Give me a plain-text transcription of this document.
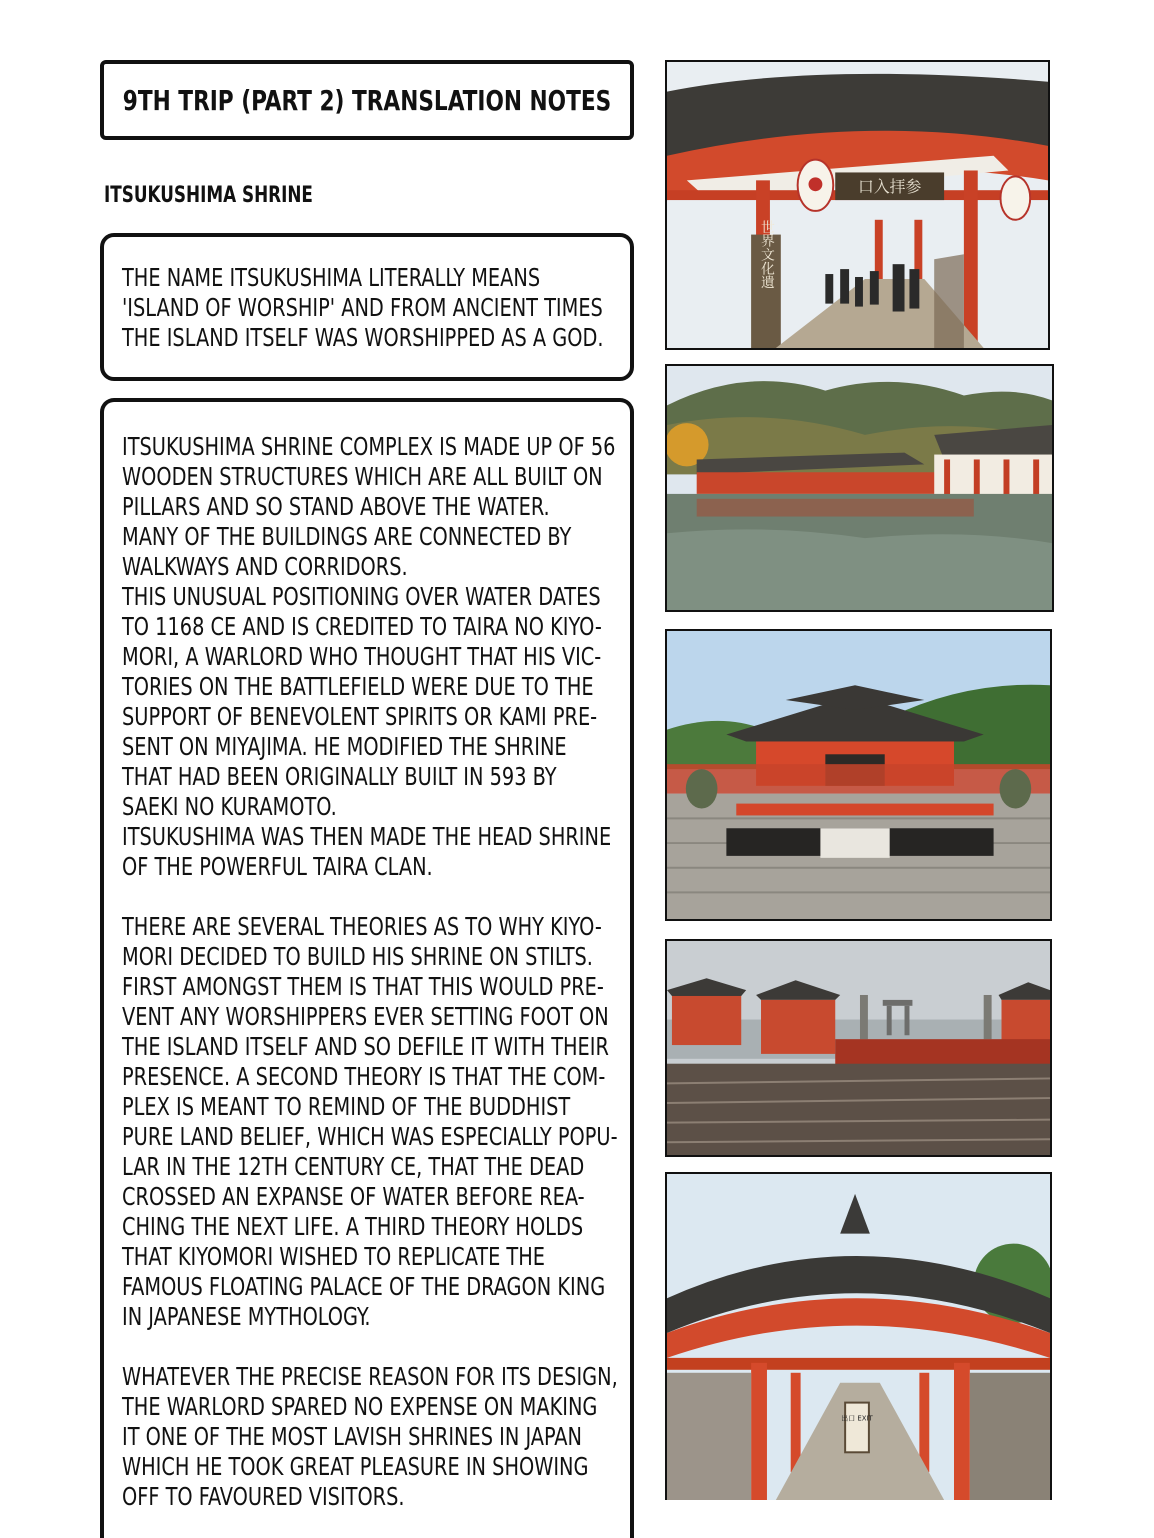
9TH TRIP (PART 2) TRANSLATION NOTES
ITSUKUSHIMA SHRINE
THE NAME ITSUKUSHIMA LITERALLY MEANS
'ISLAND OF WORSHIP' AND FROM ANCIENT TIMES
THE ISLAND ITSELF WAS WORSHIPPED AS A GOD.
ITSUKUSHIMA SHRINE COMPLEX IS MADE UP OF 56
WOODEN STRUCTURES WHICH ARE ALL BUILT ON
PILLARS AND SO STAND ABOVE THE WATER.
MANY OF THE BUILDINGS ARE CONNECTED BY
WALKWAYS AND CORRIDORS.
THIS UNUSUAL POSITIONING OVER WATER DATES
TO 1168 CE AND IS CREDITED TO TAIRA NO KIYO-
MORI, A WARLORD WHO THOUGHT THAT HIS VIC-
TORIES ON THE BATTLEFIELD WERE DUE TO THE
SUPPORT OF BENEVOLENT SPIRITS OR KAMI PRE-
SENT ON MIYAJIMA. HE MODIFIED THE SHRINE
THAT HAD BEEN ORIGINALLY BUILT IN 593 BY
SAEKI NO KURAMOTO.
ITSUKUSHIMA WAS THEN MADE THE HEAD SHRINE
OF THE POWERFUL TAIRA CLAN.
THERE ARE SEVERAL THEORIES AS TO WHY KIYO-
MORI DECIDED TO BUILD HIS SHRINE ON STILTS.
FIRST AMONGST THEM IS THAT THIS WOULD PRE-
VENT ANY WORSHIPPERS EVER SETTING FOOT ON
THE ISLAND ITSELF AND SO DEFILE IT WITH THEIR
PRESENCE. A SECOND THEORY IS THAT THE COM-
PLEX IS MEANT TO REMIND OF THE BUDDHIST
PURE LAND BELIEF, WHICH WAS ESPECIALLY POPU-
LAR IN THE 12TH CENTURY CE, THAT THE DEAD
CROSSED AN EXPANSE OF WATER BEFORE REA-
CHING THE NEXT LIFE. A THIRD THEORY HOLDS
THAT KIYOMORI WISHED TO REPLICATE THE
FAMOUS FLOATING PALACE OF THE DRAGON KING
IN JAPANESE MYTHOLOGY.
WHATEVER THE PRECISE REASON FOR ITS DESIGN,
THE WARLORD SPARED NO EXPENSE ON MAKING
IT ONE OF THE MOST LAVISH SHRINES IN JAPAN
WHICH HE TOOK GREAT PLEASURE IN SHOWING
OFF TO FAVOURED VISITORS.
口入拝参
世界文化遺
出口 EXIT
